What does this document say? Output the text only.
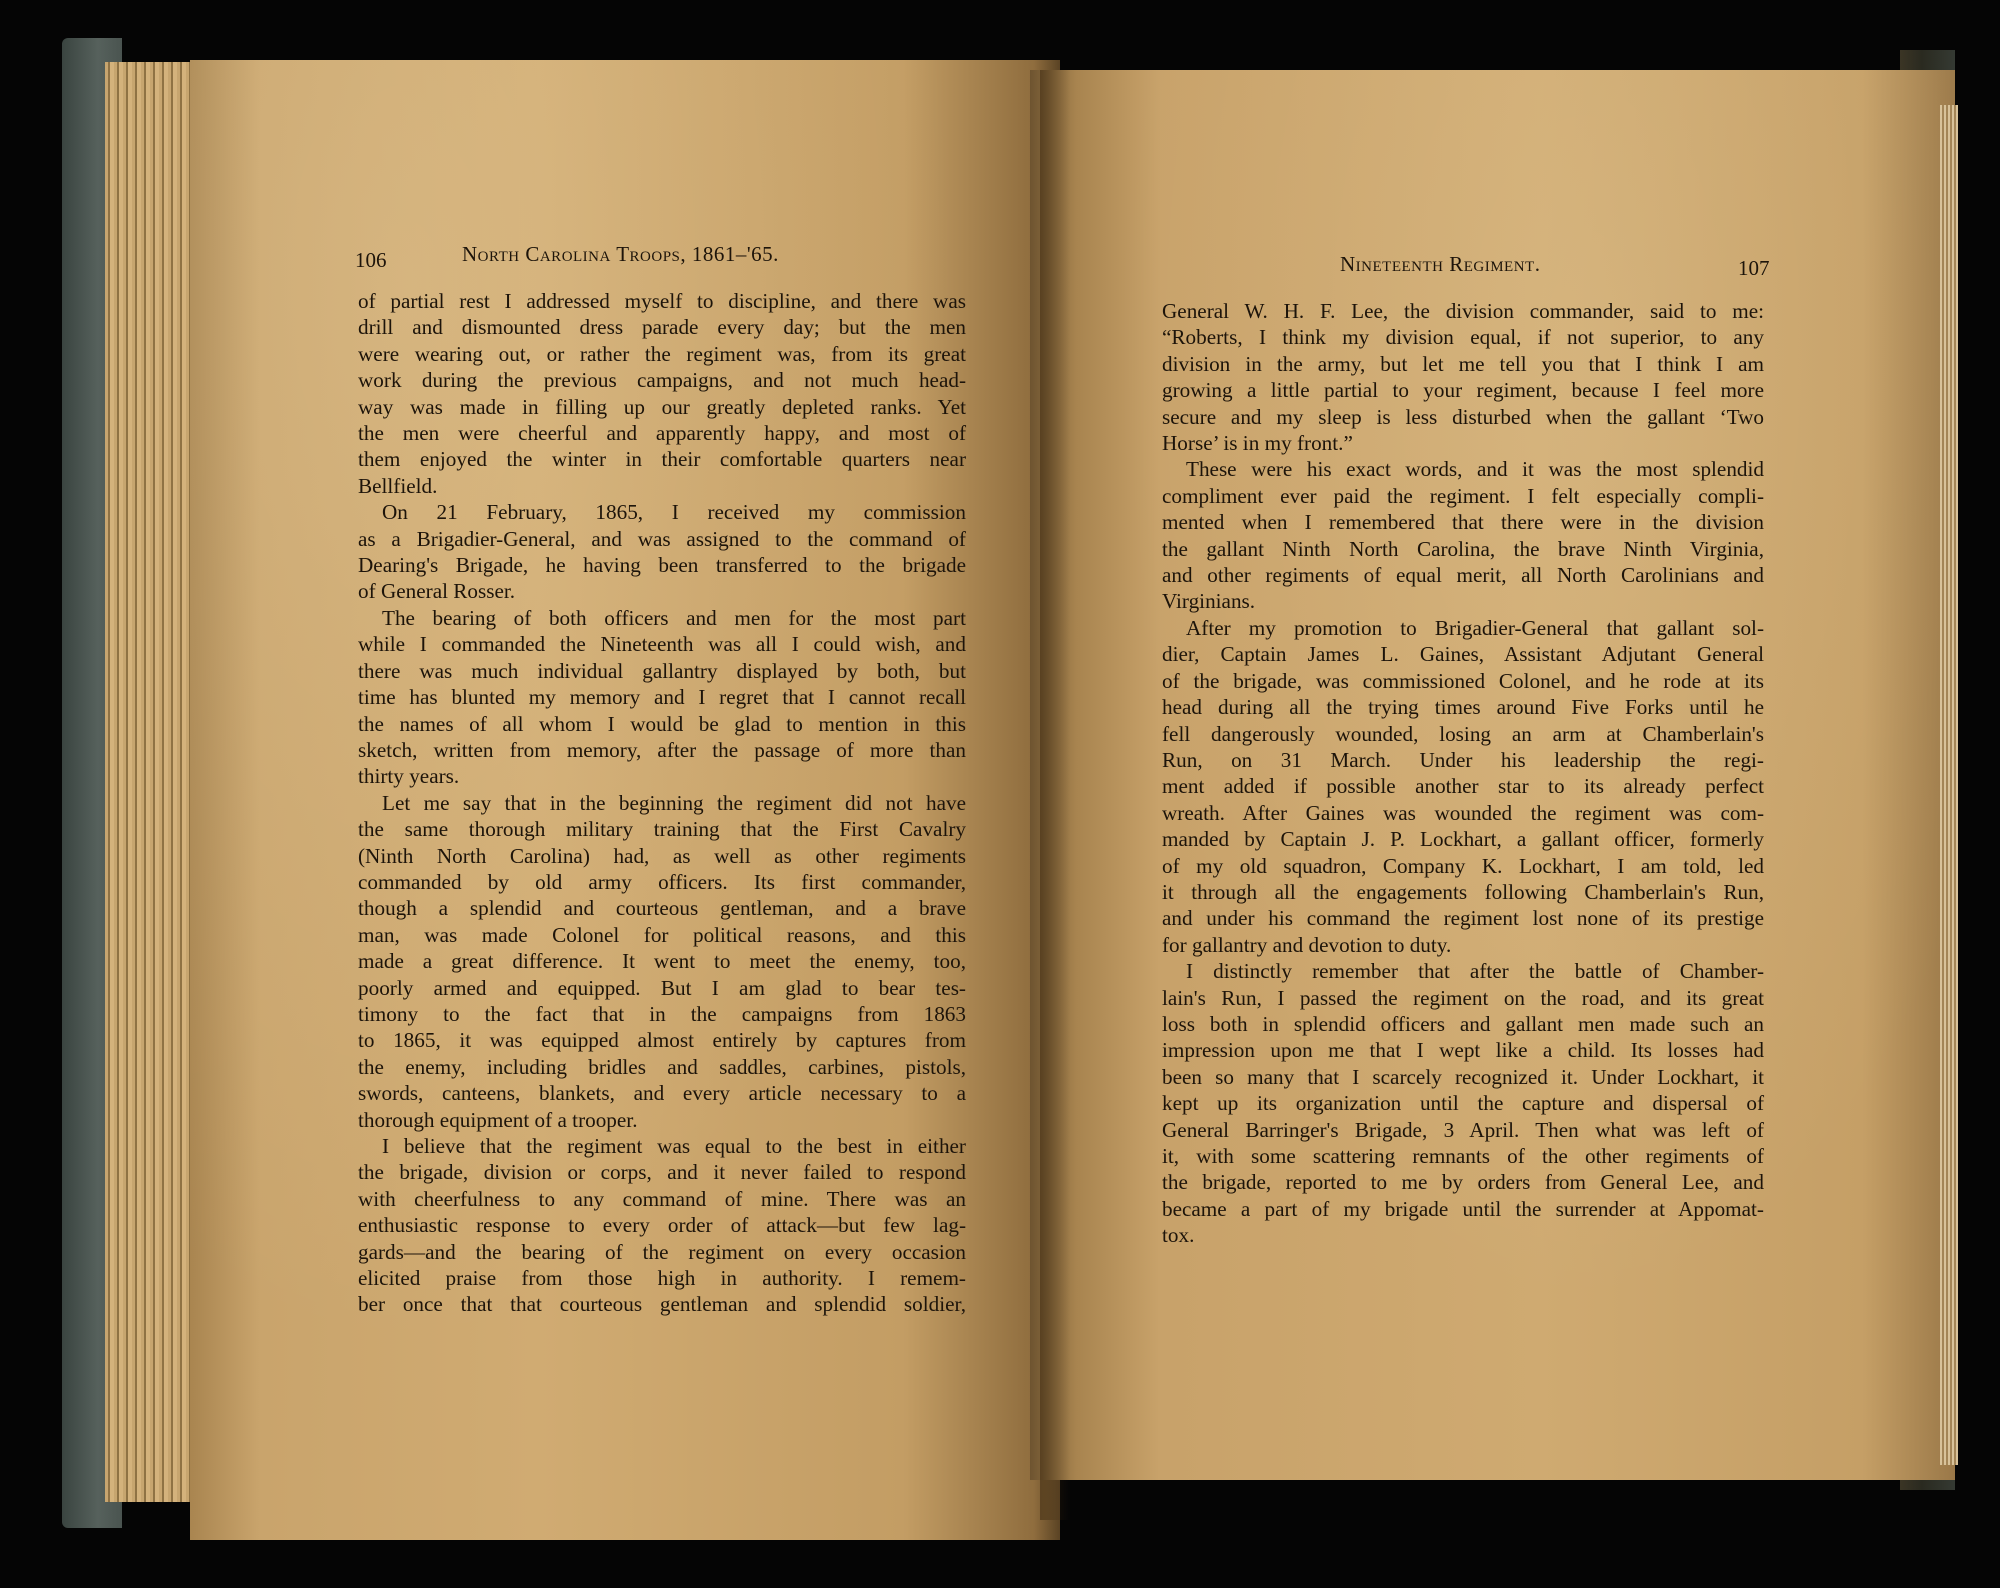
106	North Carolina Troops, 1861–'65.
of partial rest I addressed myself to discipline, and there was
drill and dismounted dress parade every day; but the men
were wearing out, or rather the regiment was, from its great
work during the previous campaigns, and not much head-
way was made in filling up our greatly depleted ranks. Yet
the men were cheerful and apparently happy, and most of
them enjoyed the winter in their comfortable quarters near
Bellfield.
On 21 February, 1865, I received my commission
as a Brigadier-General, and was assigned to the command of
Dearing's Brigade, he having been transferred to the brigade
of General Rosser.
The bearing of both officers and men for the most part
while I commanded the Nineteenth was all I could wish, and
there was much individual gallantry displayed by both, but
time has blunted my memory and I regret that I cannot recall
the names of all whom I would be glad to mention in this
sketch, written from memory, after the passage of more than
thirty years.
Let me say that in the beginning the regiment did not have
the same thorough military training that the First Cavalry
(Ninth North Carolina) had, as well as other regiments
commanded by old army officers. Its first commander,
though a splendid and courteous gentleman, and a brave
man, was made Colonel for political reasons, and this
made a great difference. It went to meet the enemy, too,
poorly armed and equipped. But I am glad to bear tes-
timony to the fact that in the campaigns from 1863
to 1865, it was equipped almost entirely by captures from
the enemy, including bridles and saddles, carbines, pistols,
swords, canteens, blankets, and every article necessary to a
thorough equipment of a trooper.
I believe that the regiment was equal to the best in either
the brigade, division or corps, and it never failed to respond
with cheerfulness to any command of mine. There was an
enthusiastic response to every order of attack—but few lag-
gards—and the bearing of the regiment on every occasion
elicited praise from those high in authority. I remem-
ber once that that courteous gentleman and splendid soldier,
Nineteenth Regiment.	107
General W. H. F. Lee, the division commander, said to me:
“Roberts, I think my division equal, if not superior, to any
division in the army, but let me tell you that I think I am
growing a little partial to your regiment, because I feel more
secure and my sleep is less disturbed when the gallant ‘Two
Horse’ is in my front.”
These were his exact words, and it was the most splendid
compliment ever paid the regiment. I felt especially compli-
mented when I remembered that there were in the division
the gallant Ninth North Carolina, the brave Ninth Virginia,
and other regiments of equal merit, all North Carolinians and
Virginians.
After my promotion to Brigadier-General that gallant sol-
dier, Captain James L. Gaines, Assistant Adjutant General
of the brigade, was commissioned Colonel, and he rode at its
head during all the trying times around Five Forks until he
fell dangerously wounded, losing an arm at Chamberlain's
Run, on 31 March. Under his leadership the regi-
ment added if possible another star to its already perfect
wreath. After Gaines was wounded the regiment was com-
manded by Captain J. P. Lockhart, a gallant officer, formerly
of my old squadron, Company K. Lockhart, I am told, led
it through all the engagements following Chamberlain's Run,
and under his command the regiment lost none of its prestige
for gallantry and devotion to duty.
I distinctly remember that after the battle of Chamber-
lain's Run, I passed the regiment on the road, and its great
loss both in splendid officers and gallant men made such an
impression upon me that I wept like a child. Its losses had
been so many that I scarcely recognized it. Under Lockhart, it
kept up its organization until the capture and dispersal of
General Barringer's Brigade, 3 April. Then what was left of
it, with some scattering remnants of the other regiments of
the brigade, reported to me by orders from General Lee, and
became a part of my brigade until the surrender at Appomat-
tox.
